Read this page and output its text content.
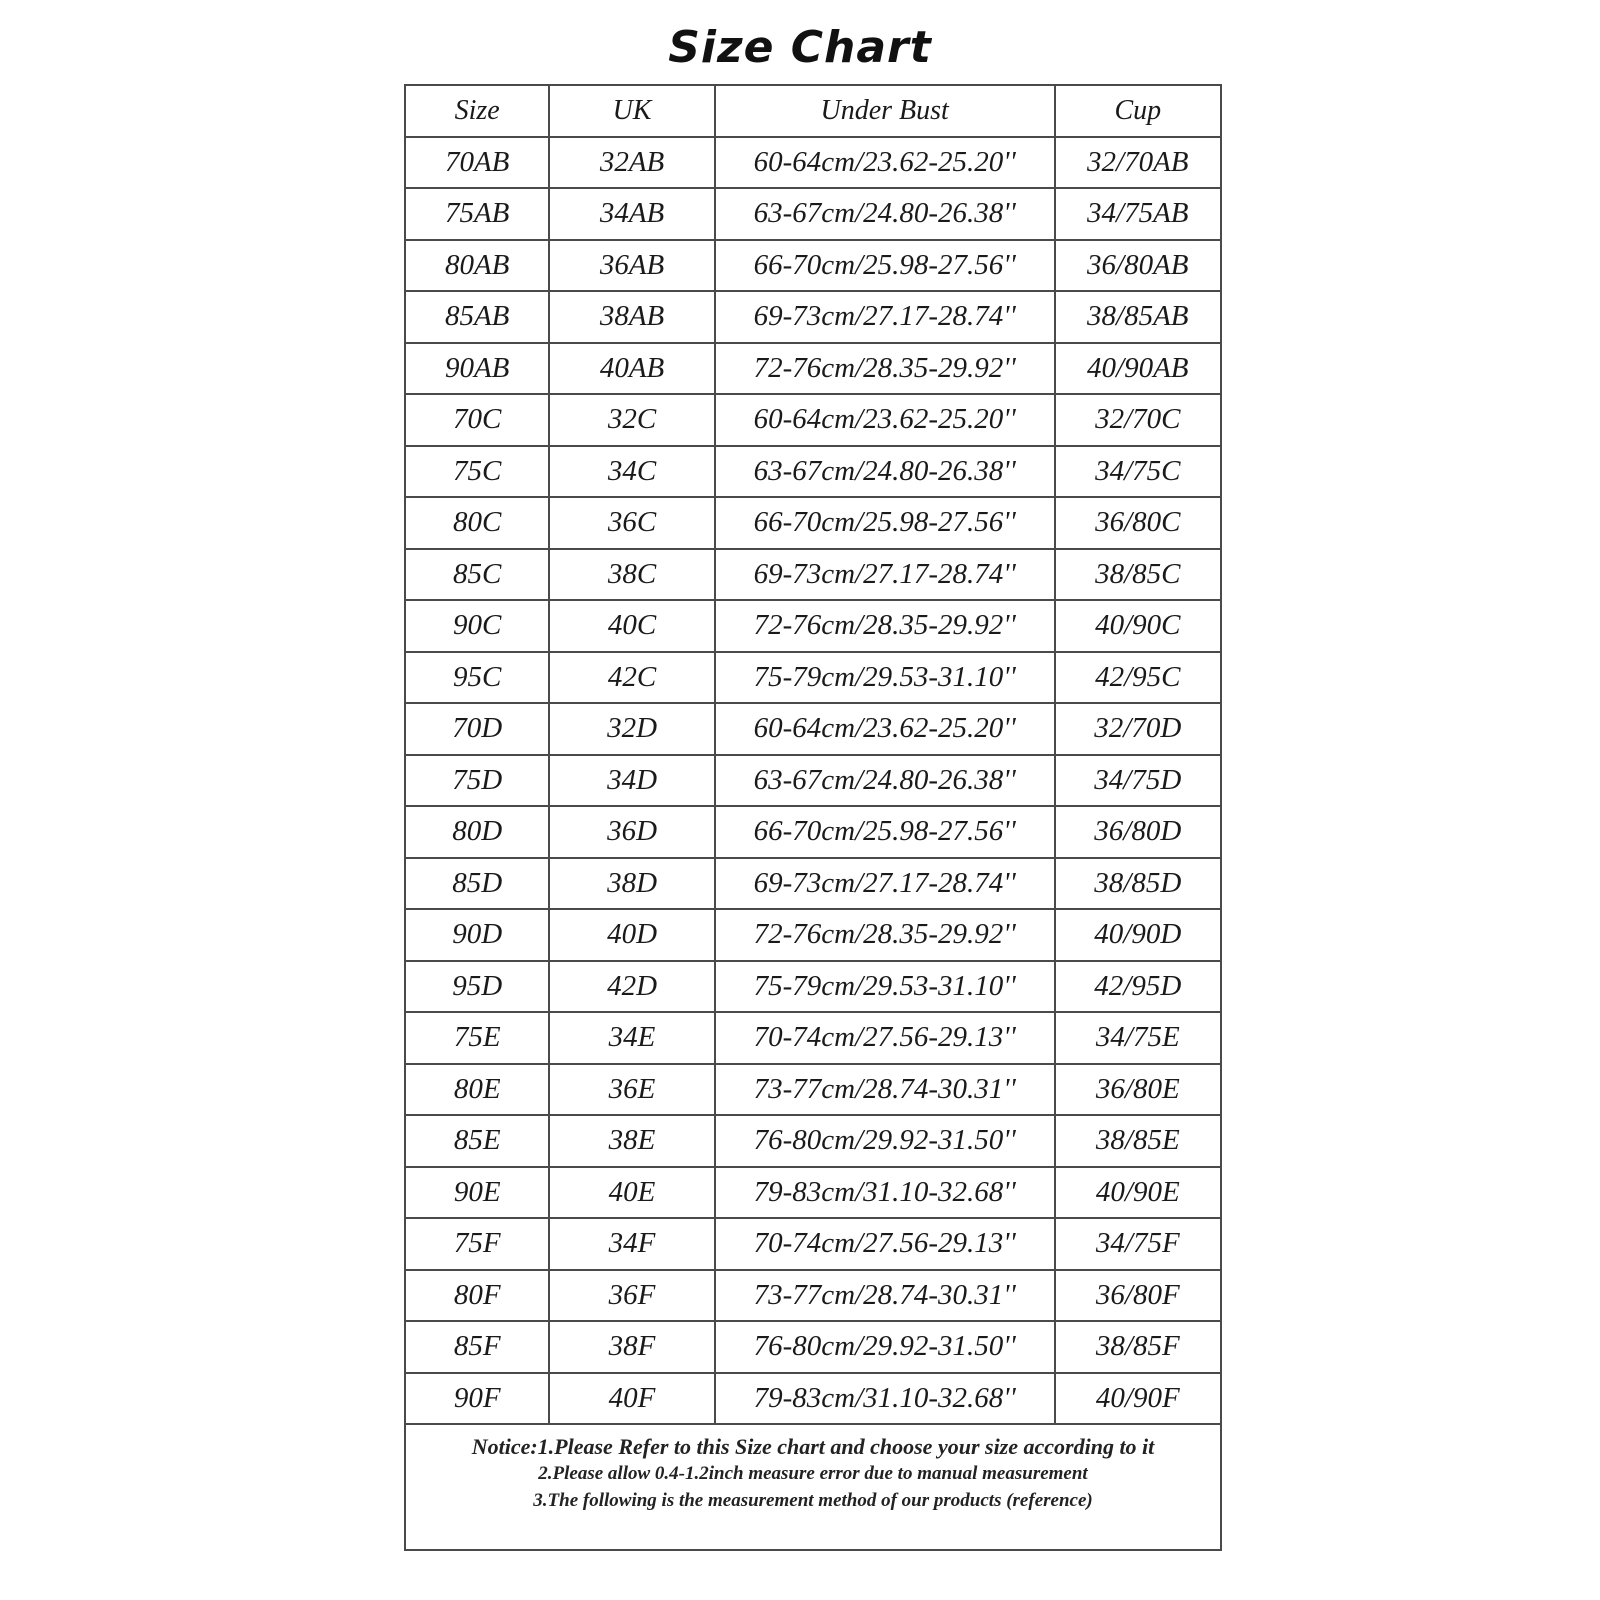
Size Chart
Size	UK	Under Bust	Cup
70AB	32AB	60-64cm/23.62-25.20''	32/70AB
75AB	34AB	63-67cm/24.80-26.38''	34/75AB
80AB	36AB	66-70cm/25.98-27.56''	36/80AB
85AB	38AB	69-73cm/27.17-28.74''	38/85AB
90AB	40AB	72-76cm/28.35-29.92''	40/90AB
70C	32C	60-64cm/23.62-25.20''	32/70C
75C	34C	63-67cm/24.80-26.38''	34/75C
80C	36C	66-70cm/25.98-27.56''	36/80C
85C	38C	69-73cm/27.17-28.74''	38/85C
90C	40C	72-76cm/28.35-29.92''	40/90C
95C	42C	75-79cm/29.53-31.10''	42/95C
70D	32D	60-64cm/23.62-25.20''	32/70D
75D	34D	63-67cm/24.80-26.38''	34/75D
80D	36D	66-70cm/25.98-27.56''	36/80D
85D	38D	69-73cm/27.17-28.74''	38/85D
90D	40D	72-76cm/28.35-29.92''	40/90D
95D	42D	75-79cm/29.53-31.10''	42/95D
75E	34E	70-74cm/27.56-29.13''	34/75E
80E	36E	73-77cm/28.74-30.31''	36/80E
85E	38E	76-80cm/29.92-31.50''	38/85E
90E	40E	79-83cm/31.10-32.68''	40/90E
75F	34F	70-74cm/27.56-29.13''	34/75F
80F	36F	73-77cm/28.74-30.31''	36/80F
85F	38F	76-80cm/29.92-31.50''	38/85F
90F	40F	79-83cm/31.10-32.68''	40/90F

Notice:1.Please Refer to this Size chart and choose your size according to it
2.Please allow 0.4-1.2inch measure error due to manual measurement
3.The following is the measurement method of our products (reference)			
